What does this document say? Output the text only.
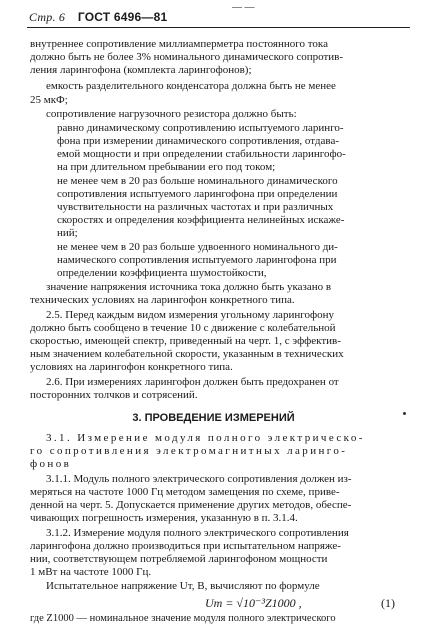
— —
Стр. 6 ГОСТ 6496—81
внутреннее сопротивление миллиамперметра постоянного тока
должно быть не более 3% номинального динамического сопротив-
ления ларингофона (комплекта ларингофонов);
емкость разделительного конденсатора должна быть не менее
25 мкФ;
сопротивление нагрузочного резистора должно быть:
равно динамическому сопротивлению испытуемого ларинго-
фона при измерении динамического сопротивления, отдава-
емой мощности и при определении стабильности ларингофо-
на при длительном пребывании его под током;
не менее чем в 20 раз больше номинального динамического
сопротивления испытуемого ларингофона при определении
чувствительности на различных частотах и при различных
скоростях и определения коэффициента нелинейных искаже-
ний;
не менее чем в 20 раз больше удвоенного номинального ди-
намического сопротивления испытуемого ларингофона при
определении коэффициента шумостойкости,
значение напряжения источника тока должно быть указано в
технических условиях на ларингофон конкретного типа.
2.5. Перед каждым видом измерения угольному ларингофону
должно быть сообщено в течение 10 с движение с колебательной
скоростью, имеющей спектр, приведенный на черт. 1, с эффектив-
ным значением колебательной скорости, указанным в технических
условиях на ларингофон конкретного типа.
2.6. При измерениях ларингофон должен быть предохранен от
посторонних толчков и сотрясений.
3. ПРОВЕДЕНИЕ ИЗМЕРЕНИЙ
3.1. Измерение модуля полного электрическо-
го сопротивления электромагнитных ларинго-
фонов
3.1.1. Модуль полного электрического сопротивления должен из-
меряться на частоте 1000 Гц методом замещения по схеме, приве-
денной на черт. 5. Допускается применение других методов, обеспе-
чивающих погрешность измерения, указанную в п. 3.1.4.
3.1.2. Измерение модуля полного электрического сопротивления
ларингофона должно производиться при испытательном напряже-
нии, соответствующем потребляемой ларингофоном мощности
1 мВт на частоте 1000 Гц.
Испытательное напряжение Uт, В, вычисляют по формуле
Uт = √10⁻³Z1000 ,	(1)
где Z1000 — номинальное значение модуля полного электрического
